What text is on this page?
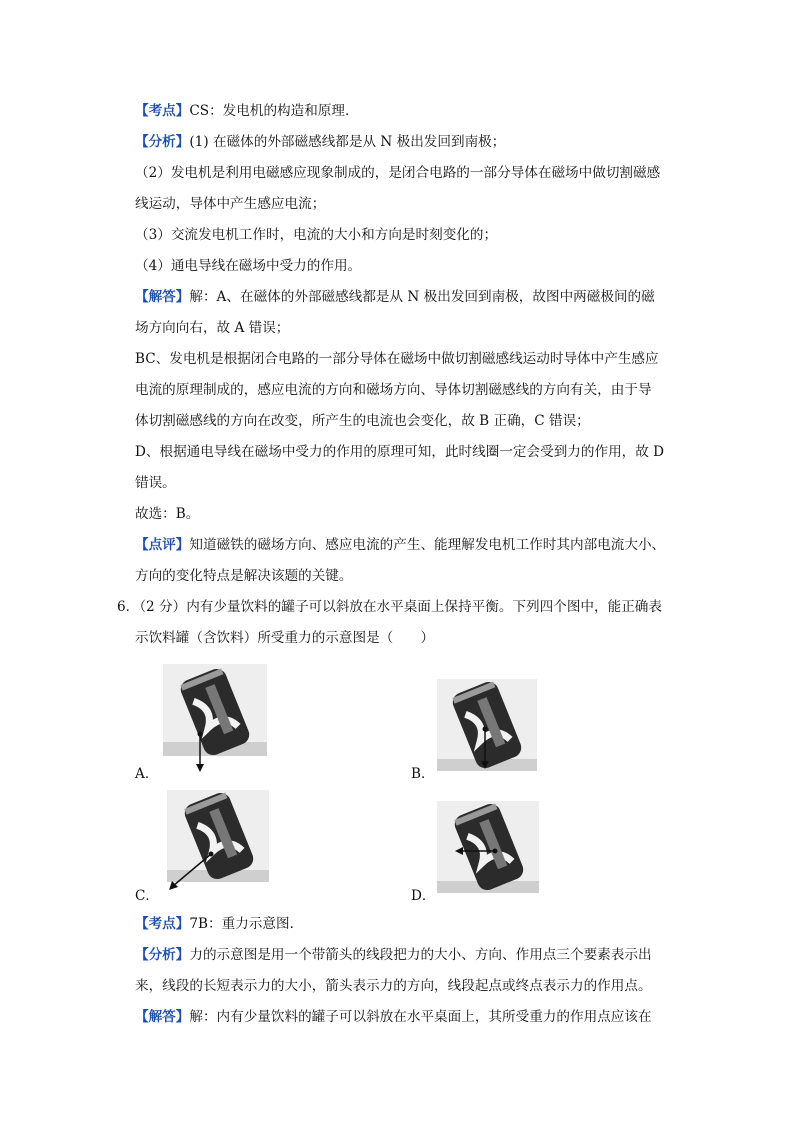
【考点】CS：发电机的构造和原理．
【分析】(1) 在磁体的外部磁感线都是从 N 极出发回到南极；
（2）发电机是利用电磁感应现象制成的，是闭合电路的一部分导体在磁场中做切割磁感
线运动，导体中产生感应电流；
（3）交流发电机工作时，电流的大小和方向是时刻变化的；
（4）通电导线在磁场中受力的作用。
【解答】解：A、在磁体的外部磁感线都是从 N 极出发回到南极，故图中两磁极间的磁
场方向向右，故 A 错误；
BC、发电机是根据闭合电路的一部分导体在磁场中做切割磁感线运动时导体中产生感应
电流的原理制成的，感应电流的方向和磁场方向、导体切割磁感线的方向有关，由于导
体切割磁感线的方向在改变，所产生的电流也会变化，故 B 正确，C 错误；
D、根据通电导线在磁场中受力的作用的原理可知，此时线圈一定会受到力的作用，故 D
错误。
故选：B。
【点评】知道磁铁的磁场方向、感应电流的产生、能理解发电机工作时其内部电流大小、
方向的变化特点是解决该题的关键。
6．（2 分）内有少量饮料的罐子可以斜放在水平桌面上保持平衡。下列四个图中，能正确表
示饮料罐（含饮料）所受重力的示意图是（　　）
A．	B．
C．	D．
【考点】7B：重力示意图．
【分析】力的示意图是用一个带箭头的线段把力的大小、方向、作用点三个要素表示出
来，线段的长短表示力的大小，箭头表示力的方向，线段起点或终点表示力的作用点。
【解答】解：内有少量饮料的罐子可以斜放在水平桌面上，其所受重力的作用点应该在
